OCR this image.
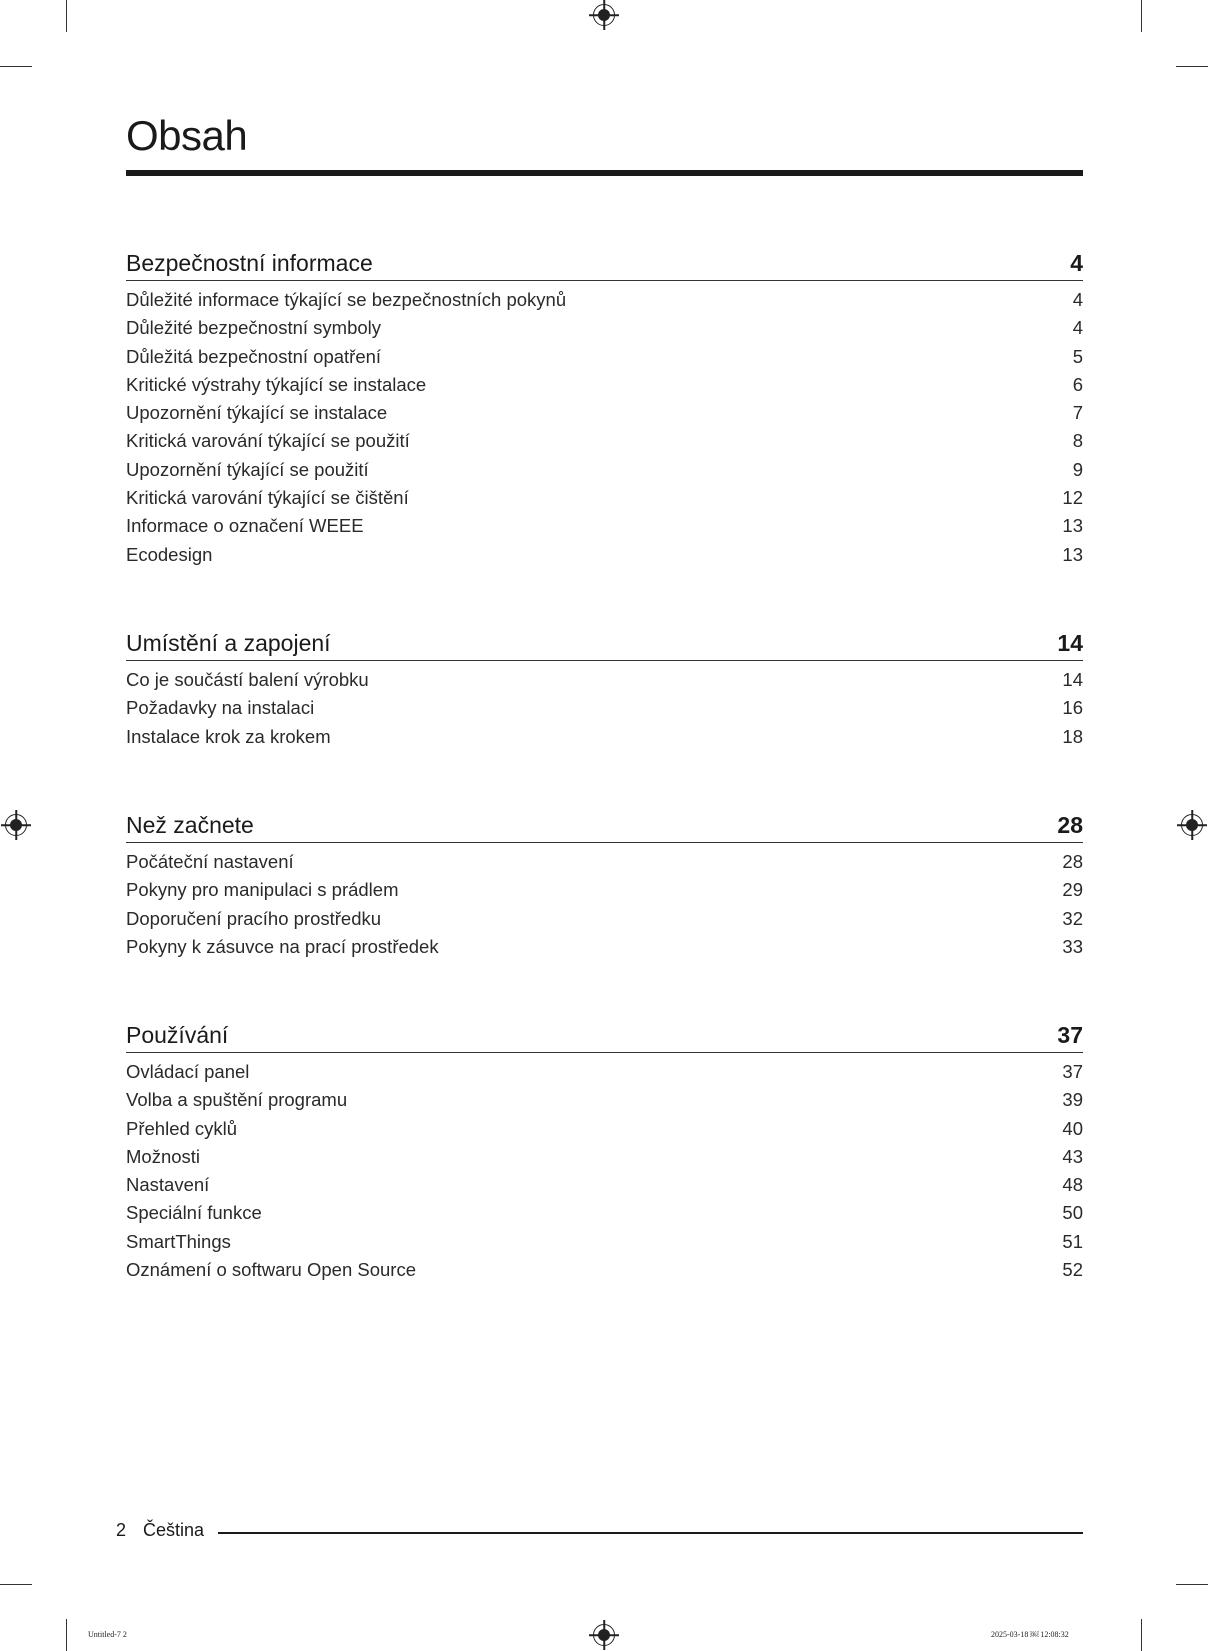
Obsah
Bezpečnostní informace	4
Důležité informace týkající se bezpečnostních pokynů	4
Důležité bezpečnostní symboly	4
Důležitá bezpečnostní opatření	5
Kritické výstrahy týkající se instalace	6
Upozornění týkající se instalace	7
Kritická varování týkající se použití	8
Upozornění týkající se použití	9
Kritická varování týkající se čištění	12
Informace o označení WEEE	13
Ecodesign	13
Umístění a zapojení	14
Co je součástí balení výrobku	14
Požadavky na instalaci	16
Instalace krok za krokem	18
Než začnete	28
Počáteční nastavení	28
Pokyny pro manipulaci s prádlem	29
Doporučení pracího prostředku	32
Pokyny k zásuvce na prací prostředek	33
Používání	37
Ovládací panel	37
Volba a spuštění programu	39
Přehled cyklů	40
Možnosti	43
Nastavení	48
Speciální funkce	50
SmartThings	51
Oznámení o softwaru Open Source	52
2 Čeština
Untitled-7 2	2025-03-18 ￼ 12:08:32
